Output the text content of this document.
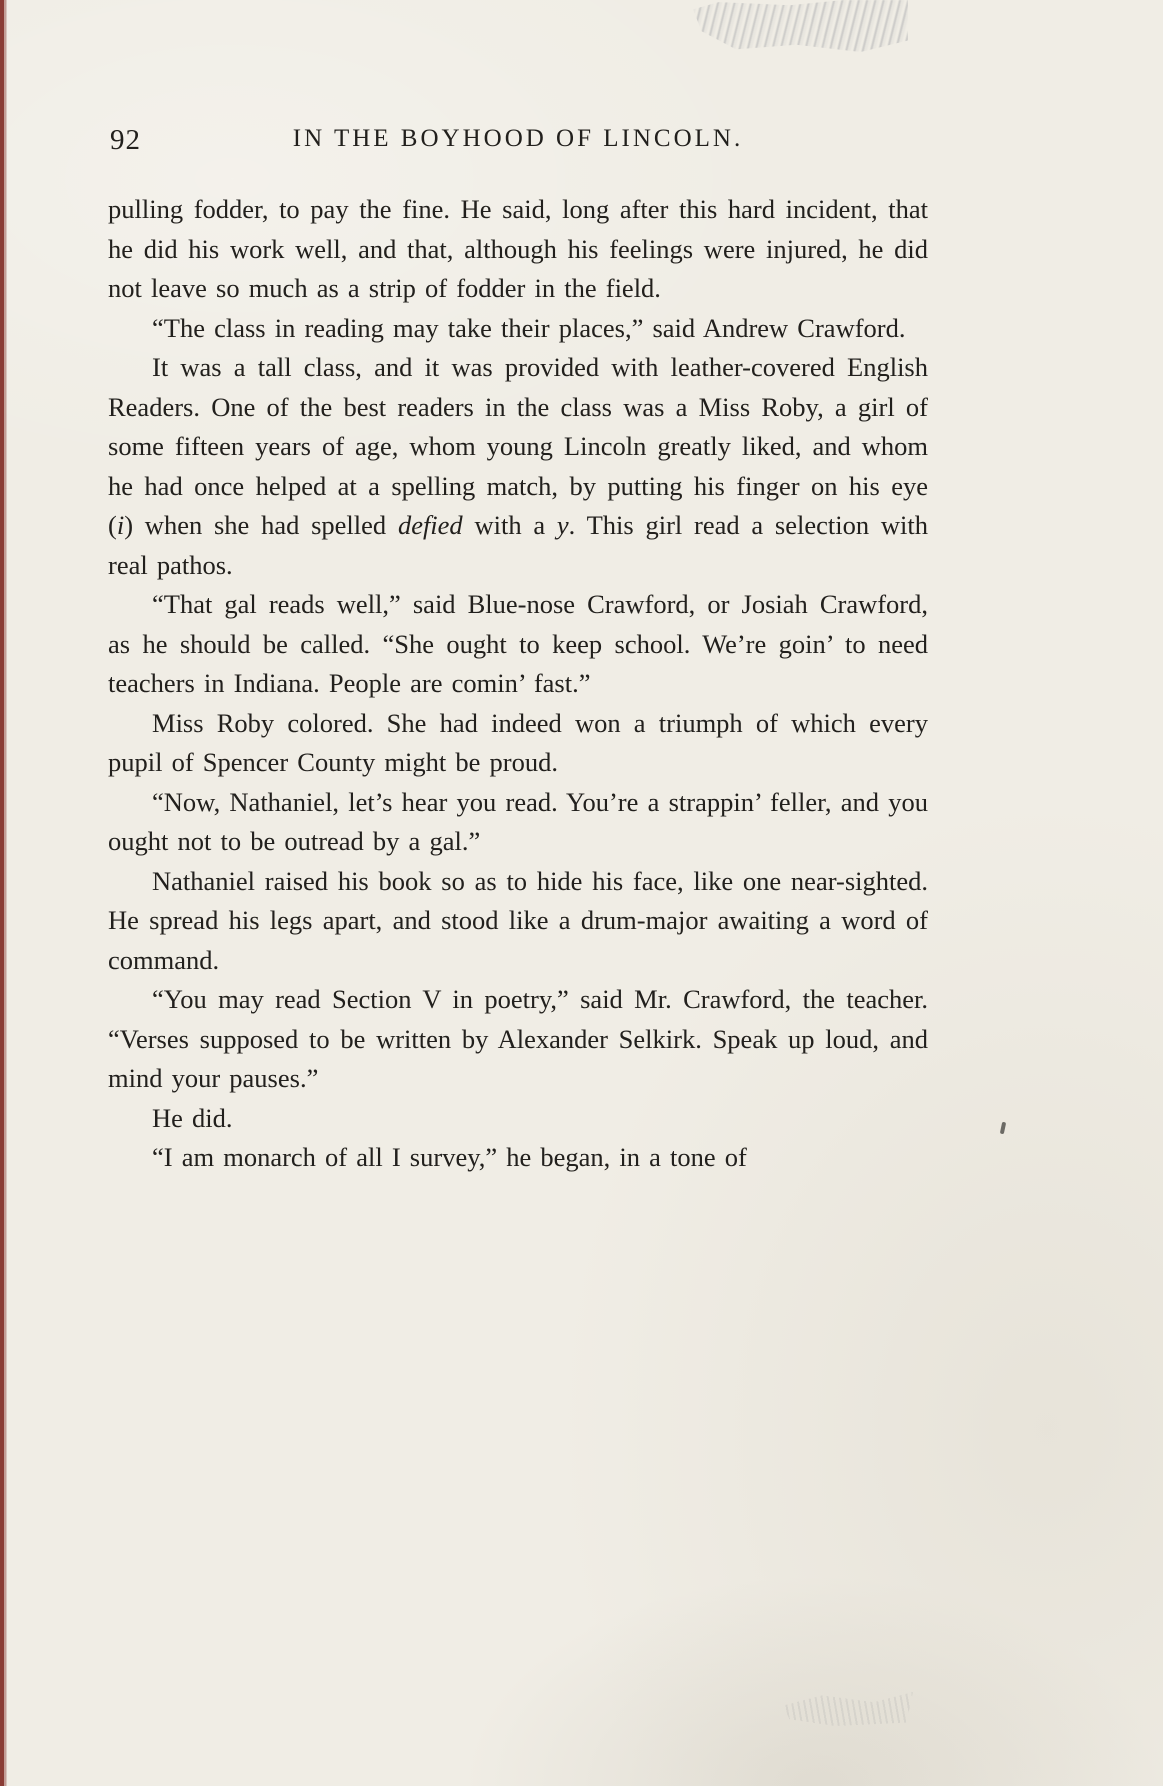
92	IN THE BOYHOOD OF LINCOLN.

pulling fodder, to pay the fine. He said, long after this hard incident, that he did his work well, and that, although his feelings were injured, he did not leave so much as a strip of fodder in the field.

“The class in reading may take their places,” said Andrew Crawford.

It was a tall class, and it was provided with leather-covered English Readers. One of the best readers in the class was a Miss Roby, a girl of some fifteen years of age, whom young Lincoln greatly liked, and whom he had once helped at a spelling match, by putting his finger on his eye (i) when she had spelled defied with a y. This girl read a selection with real pathos.

“That gal reads well,” said Blue-nose Crawford, or Josiah Crawford, as he should be called. “She ought to keep school. We’re goin’ to need teachers in Indiana. People are comin’ fast.”

Miss Roby colored. She had indeed won a triumph of which every pupil of Spencer County might be proud.

“Now, Nathaniel, let’s hear you read. You’re a strappin’ feller, and you ought not to be outread by a gal.”

Nathaniel raised his book so as to hide his face, like one near-sighted. He spread his legs apart, and stood like a drum-major awaiting a word of command.

“You may read Section V in poetry,” said Mr. Crawford, the teacher. “Verses supposed to be written by Alexander Selkirk. Speak up loud, and mind your pauses.”

He did.

“I am monarch of all I survey,” he began, in a tone of
